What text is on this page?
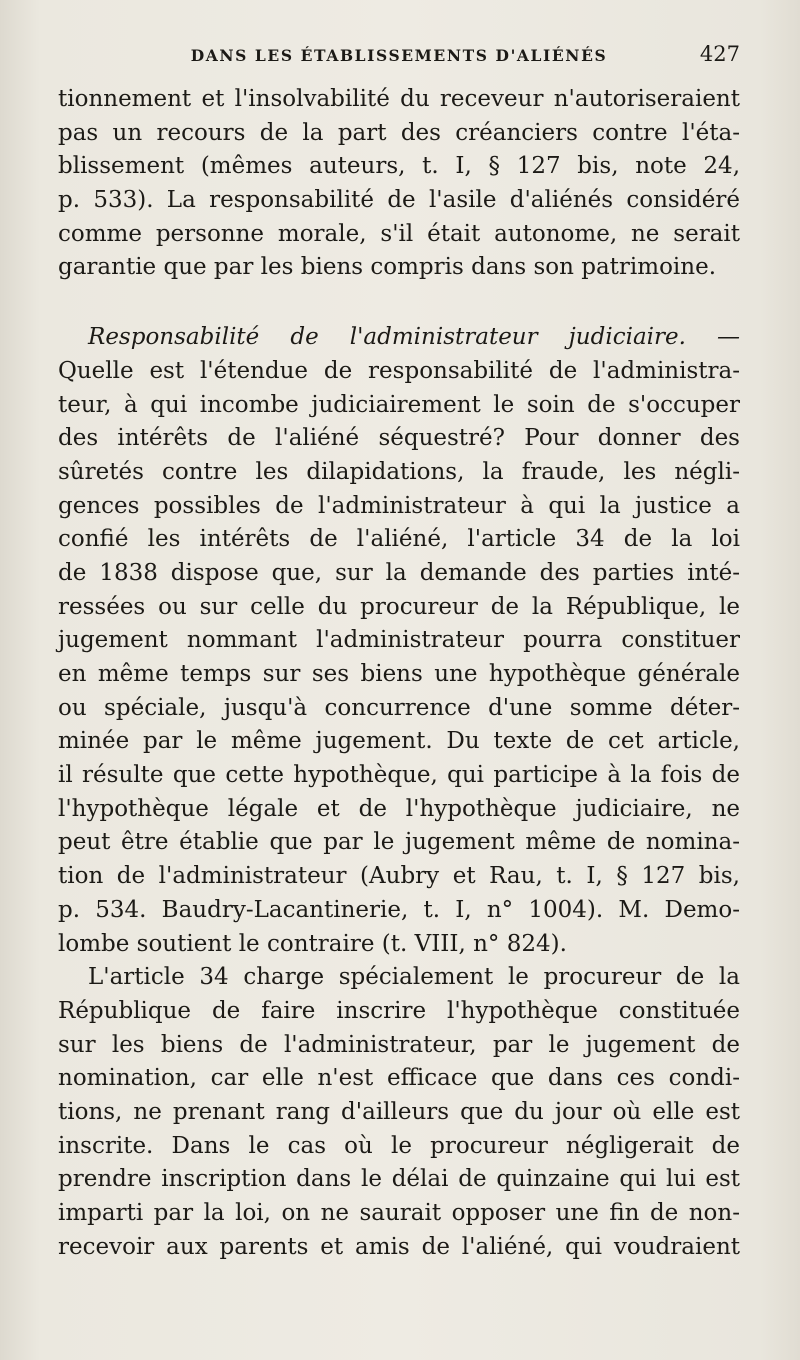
DANS LES ÉTABLISSEMENTS D'ALIÉNÉS	427
tionnement et l'insolvabilité du receveur n'autoriseraient
pas un recours de la part des créanciers contre l'éta-
blissement (mêmes auteurs, t. I, § 127 bis, note 24,
p. 533). La responsabilité de l'asile d'aliénés considéré
comme personne morale, s'il était autonome, ne serait
garantie que par les biens compris dans son patrimoine.
Responsabilité de l'administrateur judiciaire. —
Quelle est l'étendue de responsabilité de l'administra-
teur, à qui incombe judiciairement le soin de s'occuper
des intérêts de l'aliéné séquestré? Pour donner des
sûretés contre les dilapidations, la fraude, les négli-
gences possibles de l'administrateur à qui la justice a
confié les intérêts de l'aliéné, l'article 34 de la loi
de 1838 dispose que, sur la demande des parties inté-
ressées ou sur celle du procureur de la République, le
jugement nommant l'administrateur pourra constituer
en même temps sur ses biens une hypothèque générale
ou spéciale, jusqu'à concurrence d'une somme déter-
minée par le même jugement. Du texte de cet article,
il résulte que cette hypothèque, qui participe à la fois de
l'hypothèque légale et de l'hypothèque judiciaire, ne
peut être établie que par le jugement même de nomina-
tion de l'administrateur (Aubry et Rau, t. I, § 127 bis,
p. 534. Baudry-Lacantinerie, t. I, n° 1004). M. Demo-
lombe soutient le contraire (t. VIII, n° 824).
L'article 34 charge spécialement le procureur de la
République de faire inscrire l'hypothèque constituée
sur les biens de l'administrateur, par le jugement de
nomination, car elle n'est efficace que dans ces condi-
tions, ne prenant rang d'ailleurs que du jour où elle est
inscrite. Dans le cas où le procureur négligerait de
prendre inscription dans le délai de quinzaine qui lui est
imparti par la loi, on ne saurait opposer une fin de non-
recevoir aux parents et amis de l'aliéné, qui voudraient
